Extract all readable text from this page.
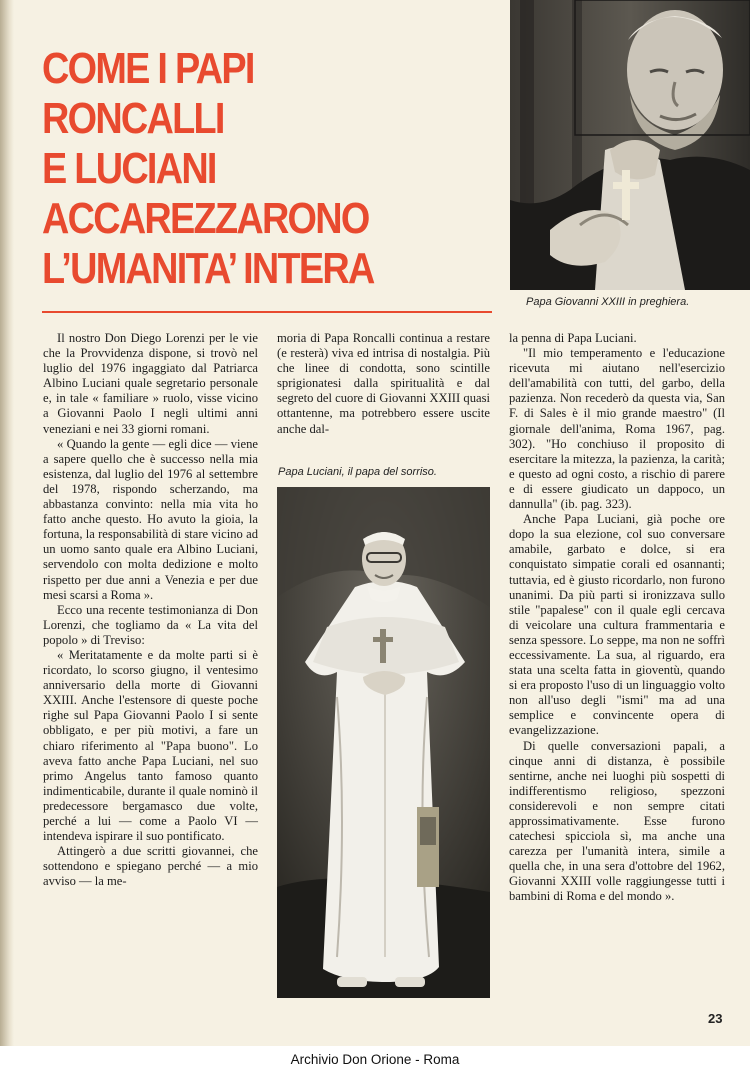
COME I PAPI
RONCALLI
E LUCIANI
ACCAREZZARONO
L’UMANITA’ INTERA
Papa Giovanni XXIII in preghiera.

Il nostro Don Diego Lorenzi per le vie che la Provvidenza dispone, si trovò nel luglio del 1976 ingaggiato dal Patriarca Albino Luciani quale segretario personale e, in tale « familiare » ruolo, visse vicino a Giovanni Paolo I negli ultimi anni veneziani e nei 33 giorni romani.

« Quando la gente — egli dice — viene a sapere quello che è successo nella mia esistenza, dal luglio del 1976 al settembre del 1978, rispondo scherzando, ma abbastanza convinto: nella mia vita ho fatto anche questo. Ho avuto la gioia, la fortuna, la responsabilità di stare vicino ad un uomo santo quale era Albino Luciani, servendolo con molta dedizione e molto rispetto per due anni a Venezia e per due mesi scarsi a Roma ».

Ecco una recente testimonianza di Don Lorenzi, che togliamo da « La vita del popolo » di Treviso:

« Meritatamente e da molte parti si è ricordato, lo scorso giugno, il ventesimo anniversario della morte di Giovanni XXIII. Anche l'estensore di queste poche righe sul Papa Giovanni Paolo I si sente obbligato, e per più motivi, a fare un chiaro riferimento al "Papa buono". Lo aveva fatto anche Papa Luciani, nel suo primo Angelus tanto famoso quanto indimenticabile, durante il quale nominò il predecessore bergamasco due volte, perché a lui — come a Paolo VI — intendeva ispirare il suo pontificato.

Attingerò a due scritti giovannei, che sottendono e spiegano perché — a mio avviso — la me-

moria di Papa Roncalli continua a restare (e resterà) viva ed intrisa di nostalgia. Più che linee di condotta, sono scintille sprigionatesi dalla spiritualità e dal segreto del cuore di Giovanni XXIII quasi ottantenne, ma potrebbero essere uscite anche dal-

Papa Luciani, il papa del sorriso.

la penna di Papa Luciani.

"Il mio temperamento e l'educazione ricevuta mi aiutano nell'esercizio dell'amabilità con tutti, del garbo, della pazienza. Non recederò da questa via, San F. di Sales è il mio grande maestro" (Il giornale dell'anima, Roma 1967, pag. 302). "Ho conchiuso il proposito di esercitare la mitezza, la pazienza, la carità; e questo ad ogni costo, a rischio di parere e di essere giudicato un dappoco, un dannulla" (ib. pag. 323).

Anche Papa Luciani, già poche ore dopo la sua elezione, col suo conversare amabile, garbato e dolce, si era conquistato simpatie corali ed osannanti; tuttavia, ed è giusto ricordarlo, non furono unanimi. Da più parti si ironizzava sullo stile "papalese" con il quale egli cercava di veicolare una cultura frammentaria e senza spessore. Lo seppe, ma non ne soffrì eccessivamente. La sua, al riguardo, era stata una scelta fatta in gioventù, quando si era proposto l'uso di un linguaggio volto non all'uso degli "ismi" ma ad una semplice e convincente opera di evangelizzazione.

Di quelle conversazioni papali, a cinque anni di distanza, è possibile sentirne, anche nei luoghi più sospetti di indifferentismo religioso, spezzoni considerevoli e non sempre citati approssimativamente. Esse furono catechesi spicciola sì, ma anche una carezza per l'umanità intera, simile a quella che, in una sera d'ottobre del 1962, Giovanni XXIII volle raggiungesse tutti i bambini di Roma e del mondo ».

23
Archivio Don Orione - Roma
